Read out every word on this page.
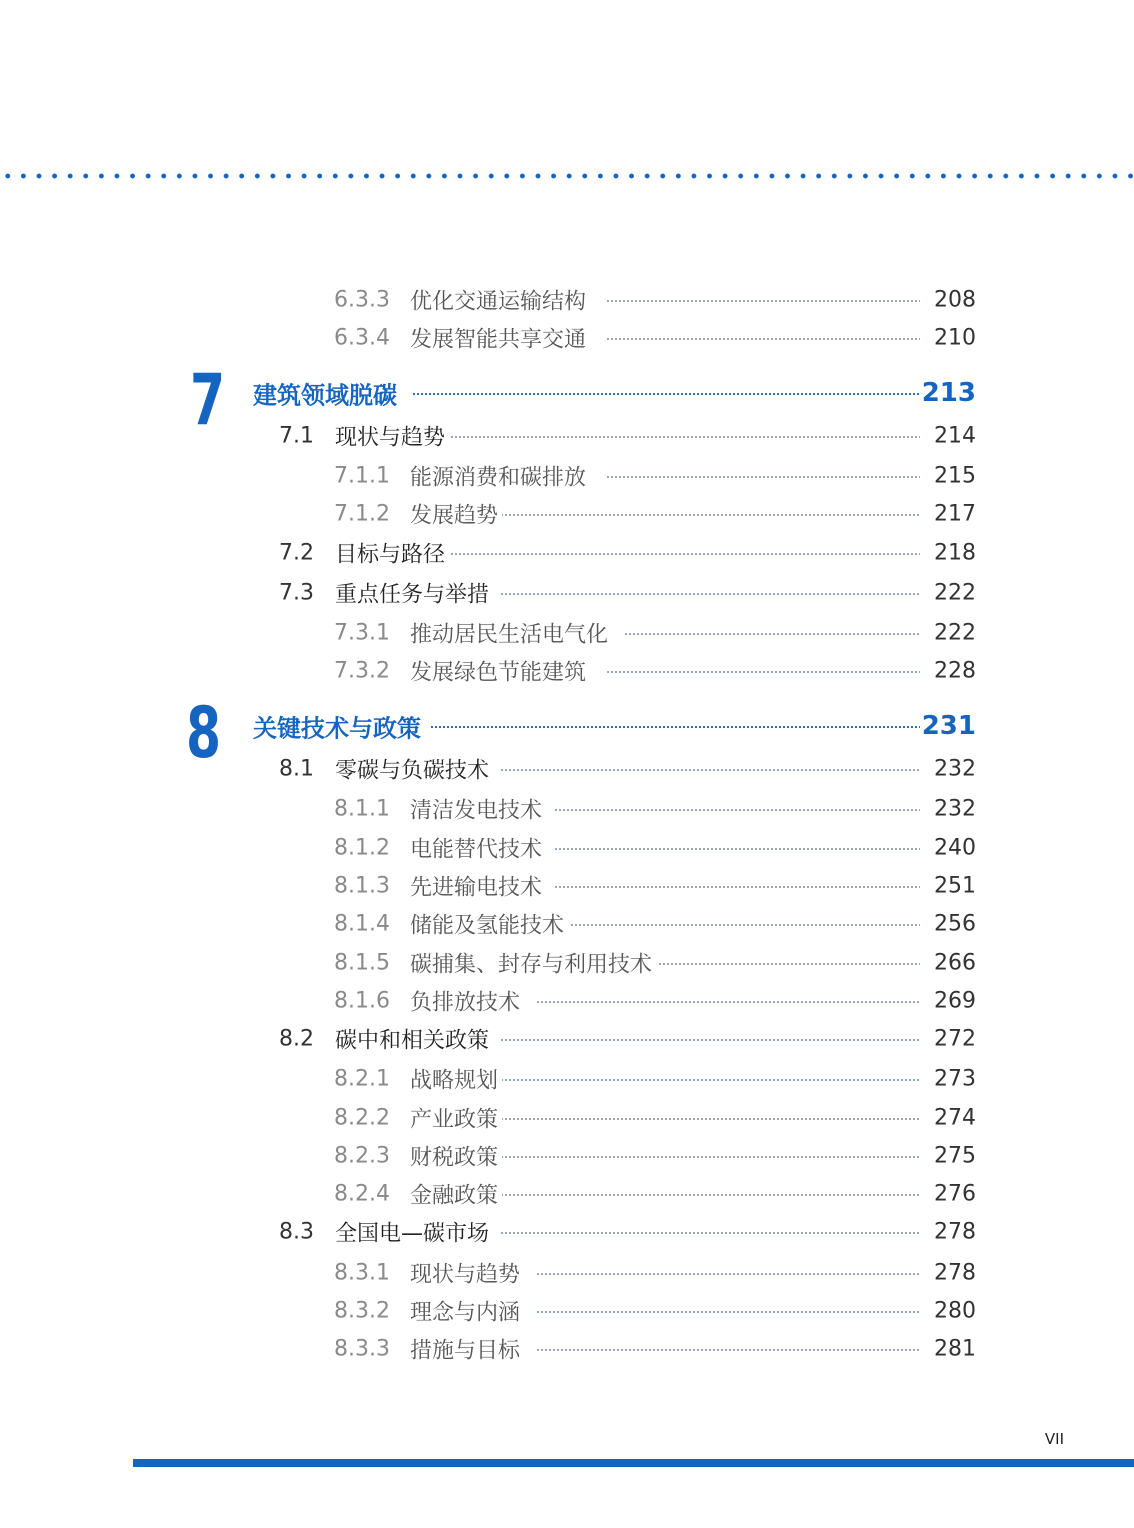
6.3.3 优化交通运输结构	208
6.3.4 发展智能共享交通	210
7 建筑领域脱碳	213
7.1 现状与趋势	214
7.1.1 能源消费和碳排放	215
7.1.2 发展趋势	217
7.2 目标与路径	218
7.3 重点任务与举措	222
7.3.1 推动居民生活电气化	222
7.3.2 发展绿色节能建筑	228
8 关键技术与政策	231
8.1 零碳与负碳技术	232
8.1.1 清洁发电技术	232
8.1.2 电能替代技术	240
8.1.3 先进输电技术	251
8.1.4 储能及氢能技术	256
8.1.5 碳捕集、封存与利用技术	266
8.1.6 负排放技术	269
8.2 碳中和相关政策	272
8.2.1 战略规划	273
8.2.2 产业政策	274
8.2.3 财税政策	275
8.2.4 金融政策	276
8.3 全国电—碳市场	278
8.3.1 现状与趋势	278
8.3.2 理念与内涵	280
8.3.3 措施与目标	281
VII
